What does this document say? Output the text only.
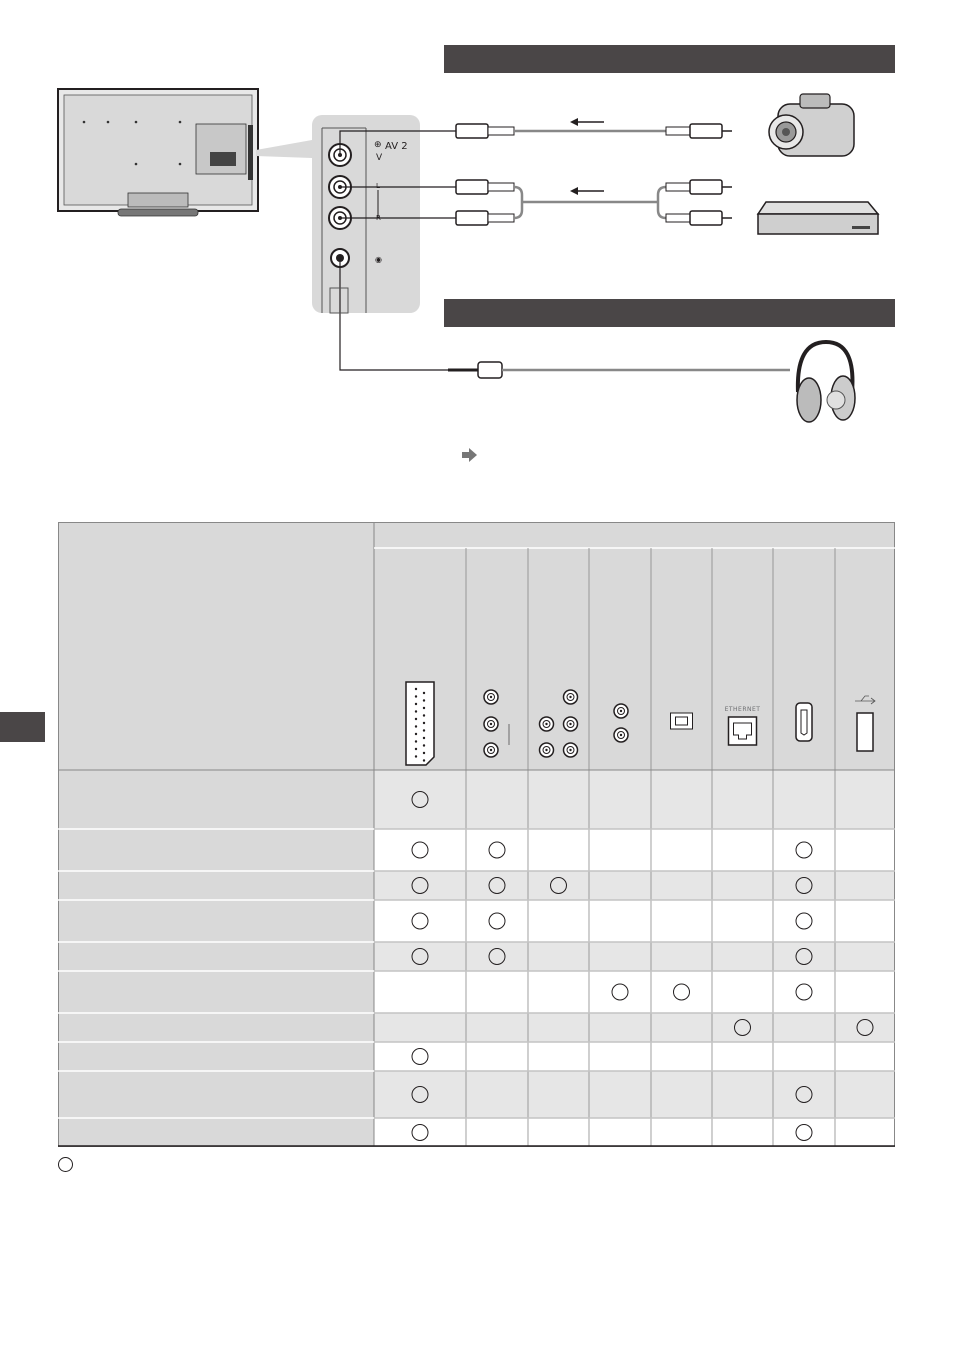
AV 2
⊕
V
L
R
◉
ETHERNET
